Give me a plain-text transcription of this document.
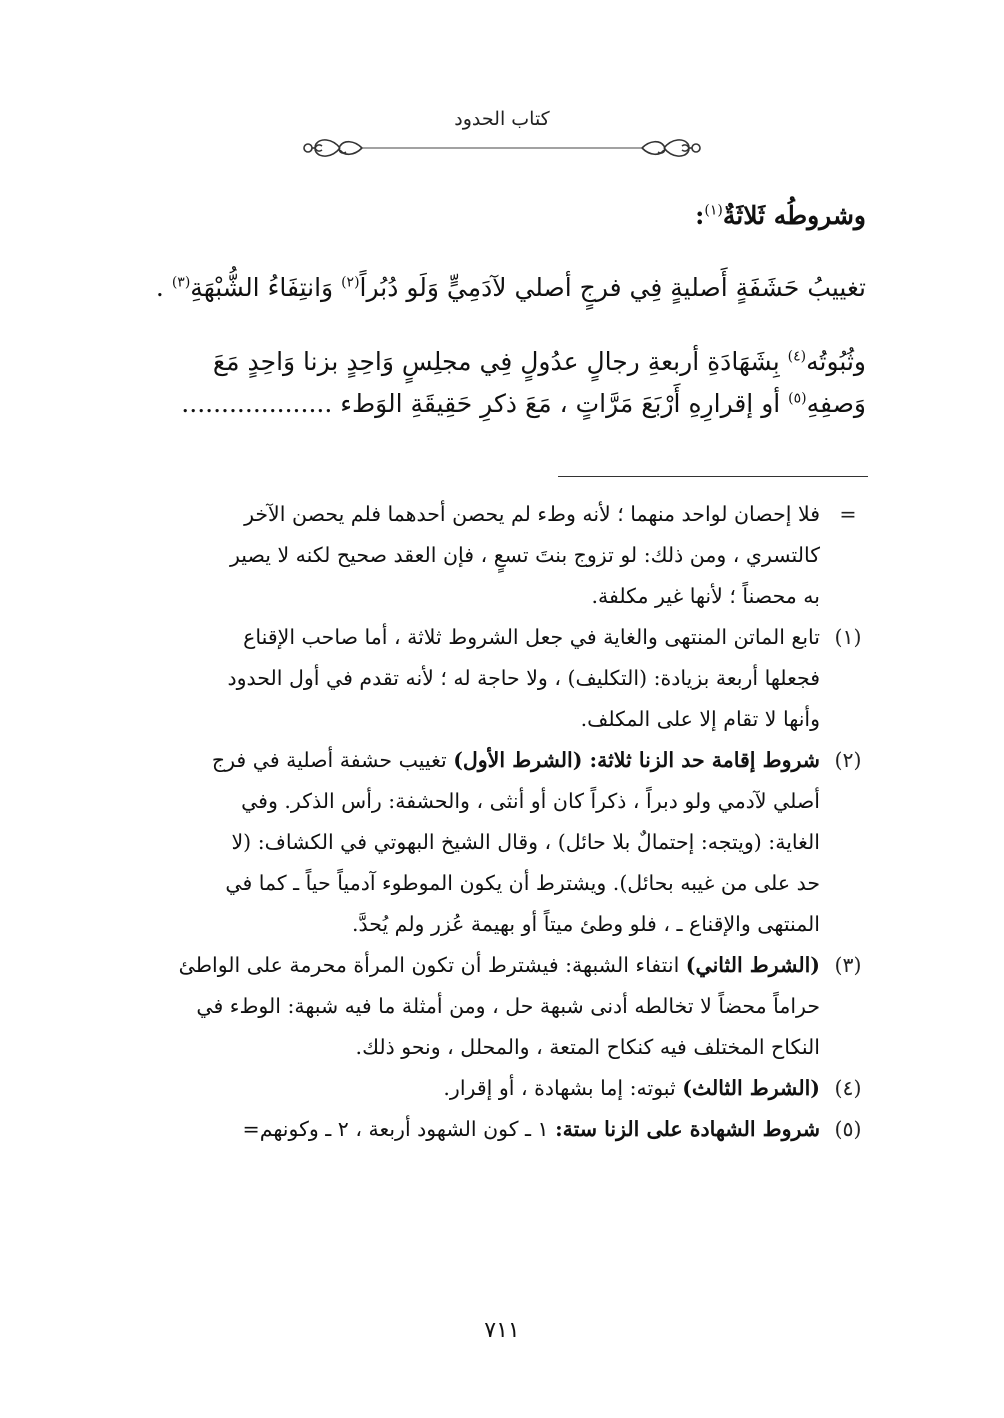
كتاب الحدود
وشروطُه ثَلاثَةٌ$^{(١)}$:
تغييبُ حَشَفَةٍ أَصليةٍ فِي فرجٍ أصلي لآدَمِيٍّ وَلَو دُبُراً$^{(٢)}$ وَانتِفَاءُ الشُّبْهَةِ$^{(٣)}$ .
وثُبُوتُه$^{(٤)}$ بِشَهَادَةِ أربعةِ رجالٍ عدُولٍ فِي مجلِسٍ وَاحِدٍ بزنا وَاحِدٍ مَعَ
وَصفِهِ$^{(٥)}$ أو إقرارِهِ أَرْبَعَ مَرَّاتٍ ، مَعَ ذكرِ حَقِيقَةِ الوَطء ...................
=

فلا إحصان لواحد منهما ؛ لأنه وطء لم يحصن أحدهما فلم يحصن الآخر

كالتسري ، ومن ذلك: لو تزوج بنتَ تسعٍ ، فإن العقد صحيح لكنه لا يصير

به محصناً ؛ لأنها غير مكلفة.

(١)

تابع الماتن المنتهى والغاية في جعل الشروط ثلاثة ، أما صاحب الإقناع

فجعلها أربعة بزيادة: (التكليف) ، ولا حاجة له ؛ لأنه تقدم في أول الحدود

وأنها لا تقام إلا على المكلف.

(٢)

شروط إقامة حد الزنا ثلاثة: (الشرط الأول) تغييب حشفة أصلية في فرج

أصلي لآدمي ولو دبراً ، ذكراً كان أو أنثى ، والحشفة: رأس الذكر. وفي

الغاية: (ويتجه: إحتمالٌ بلا حائل) ، وقال الشيخ البهوتي في الكشاف: (لا

حد على من غيبه بحائل). ويشترط أن يكون الموطوء آدمياً حياً ـ كما في

المنتهى والإقناع ـ ، فلو وطئ ميتاً أو بهيمة عُزر ولم يُحدَّ.

(٣)

(الشرط الثاني) انتفاء الشبهة: فيشترط أن تكون المرأة محرمة على الواطئ

حراماً محضاً لا تخالطه أدنى شبهة حل ، ومن أمثلة ما فيه شبهة: الوطء في

النكاح المختلف فيه كنكاح المتعة ، والمحلل ، ونحو ذلك.

(٤)

(الشرط الثالث) ثبوته: إما بشهادة ، أو إقرار.

(٥)

شروط الشهادة على الزنا ستة: ١ ـ كون الشهود أربعة ، ٢ ـ وكونهم=

٧١١
